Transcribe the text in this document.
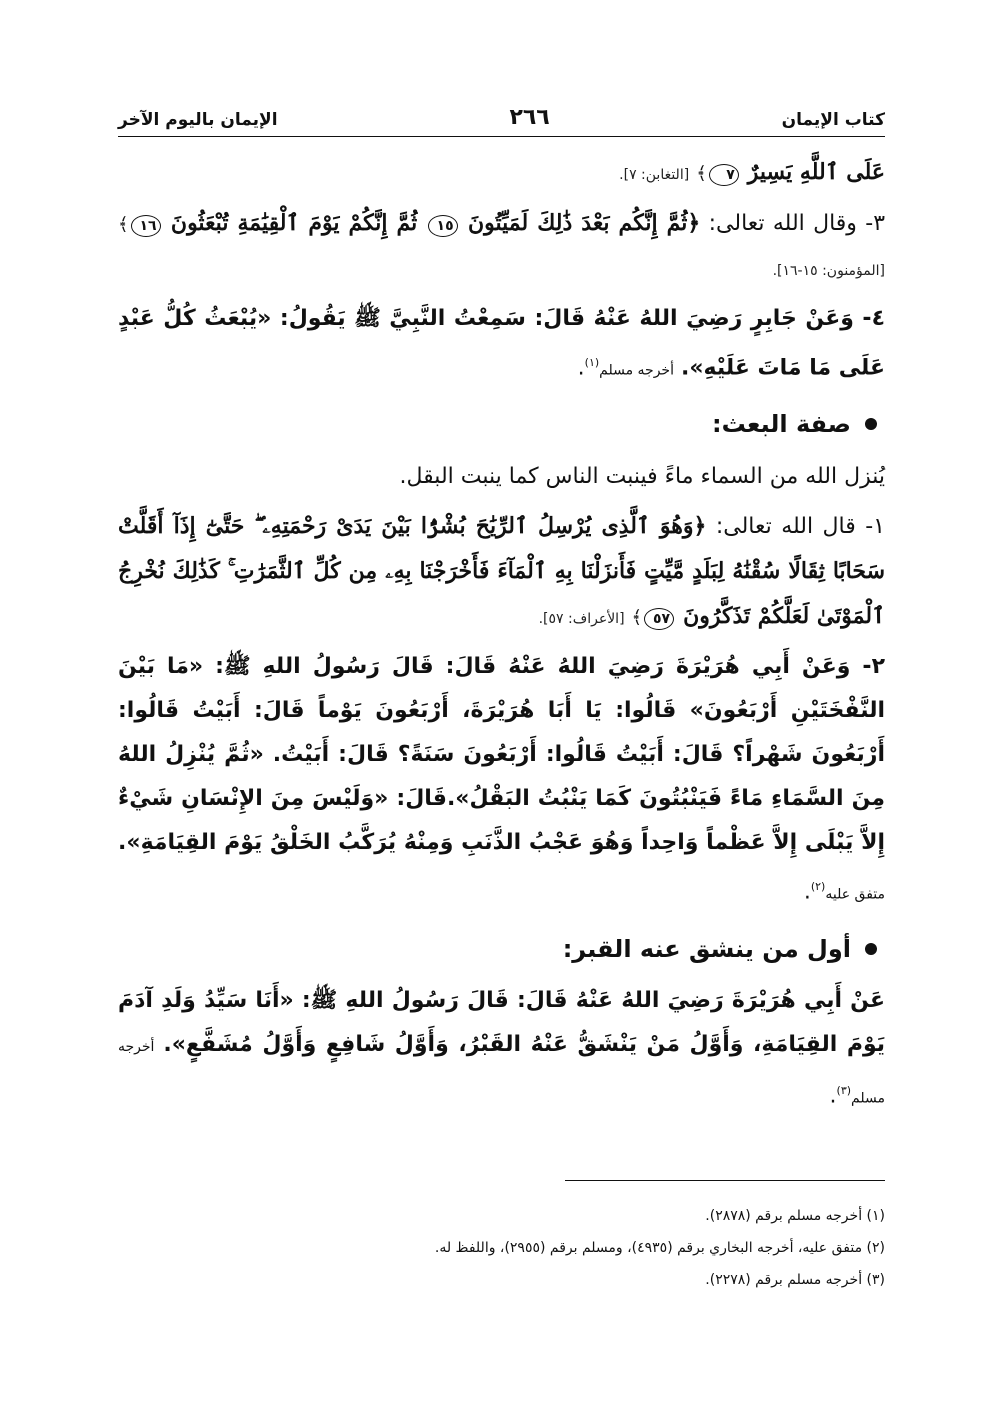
كتاب الإيمان
٢٦٦
الإيمان باليوم الآخر
عَلَى ٱللَّهِ يَسِيرٌ ٧﴾ [التغابن: ٧].
٣- وقال الله تعالى: ﴿ثُمَّ إِنَّكُم بَعْدَ ذَٰلِكَ لَمَيِّتُونَ ١٥ ثُمَّ إِنَّكُمْ يَوْمَ ٱلْقِيَٰمَةِ تُبْعَثُونَ ١٦﴾ [المؤمنون: ١٥-١٦].
٤- وَعَنْ جَابِرٍ رَضِيَ اللهُ عَنْهُ قَالَ: سَمِعْتُ النَّبِيَّ ﷺ يَقُولُ: «يُبْعَثُ كُلُّ عَبْدٍ عَلَى مَا مَاتَ عَلَيْهِ». أخرجه مسلم$^{(١)}$.
صفة البعث:
يُنزل الله من السماء ماءً فينبت الناس كما ينبت البقل.
١- قال الله تعالى: ﴿وَهُوَ ٱلَّذِى يُرْسِلُ ٱلرِّيَٰحَ بُشْرًۢا بَيْنَ يَدَىْ رَحْمَتِهِۦ ۖ حَتَّىٰٓ إِذَآ أَقَلَّتْ سَحَابًا ثِقَالًا سُقْنَٰهُ لِبَلَدٍ مَّيِّتٍ فَأَنزَلْنَا بِهِ ٱلْمَآءَ فَأَخْرَجْنَا بِهِۦ مِن كُلِّ ٱلثَّمَرَٰتِ ۚ كَذَٰلِكَ نُخْرِجُ ٱلْمَوْتَىٰ لَعَلَّكُمْ تَذَكَّرُونَ ٥٧﴾ [الأعراف: ٥٧].
٢- وَعَنْ أَبِي هُرَيْرَةَ رَضِيَ اللهُ عَنْهُ قَالَ: قَالَ رَسُولُ اللهِ ﷺ: «مَا بَيْنَ النَّفْخَتَيْنِ أَرْبَعُونَ» قَالُوا: يَا أَبَا هُرَيْرَةَ، أَرْبَعُونَ يَوْماً قَالَ: أَبَيْتُ قَالُوا: أَرْبَعُونَ شَهْراً؟ قَالَ: أَبَيْتُ قَالُوا: أَرْبَعُونَ سَنَةً؟ قَالَ: أَبَيْتُ. «ثُمَّ يُنْزِلُ اللهُ مِنَ السَّمَاءِ مَاءً فَيَنْبُتُونَ كَمَا يَنْبُتُ البَقْلُ».قَالَ: «وَلَيْسَ مِنَ الإِنْسَانِ شَيْءٌ إِلاَّ يَبْلَى إِلاَّ عَظْماً وَاحِداً وَهُوَ عَجْبُ الذَّنَبِ وَمِنْهُ يُرَكَّبُ الخَلْقُ يَوْمَ القِيَامَةِ». متفق عليه$^{(٢)}$.
أول من ينشق عنه القبر:
عَنْ أَبِي هُرَيْرَةَ رَضِيَ اللهُ عَنْهُ قَالَ: قَالَ رَسُولُ اللهِ ﷺ: «أَنَا سَيِّدُ وَلَدِ آدَمَ يَوْمَ القِيَامَةِ، وَأَوَّلُ مَنْ يَنْشَقُّ عَنْهُ القَبْرُ، وَأَوَّلُ شَافِعٍ وَأَوَّلُ مُشَفَّعٍ». أخرجه مسلم$^{(٣)}$.
(١) أخرجه مسلم برقم (٢٨٧٨).
(٢) متفق عليه، أخرجه البخاري برقم (٤٩٣٥)، ومسلم برقم (٢٩٥٥)، واللفظ له.
(٣) أخرجه مسلم برقم (٢٢٧٨).
